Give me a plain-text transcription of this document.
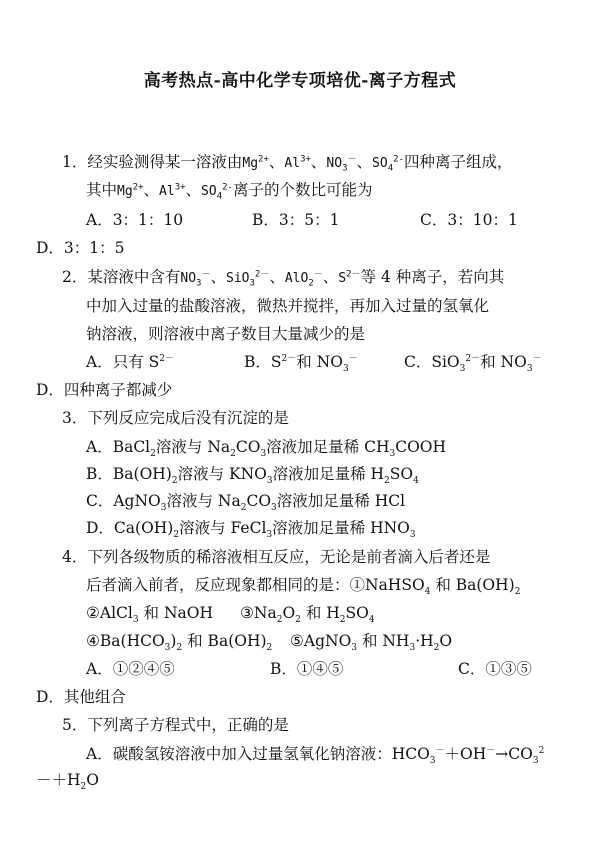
高考热点-高中化学专项培优-离子方程式
1．经实验测得某一溶液由$Mg^{2+}$、$Al^{3+}$、$NO_3^-$、$SO_4^{2-}$四种离子组成，
其中$Mg^{2+}$、$Al^{3+}$、$SO_4^{2-}$离子的个数比可能为
A．3：1：10	B．3：5：1	C．3：10：1
D．3：1：5
2．某溶液中含有$NO_3^-$、SiO$_3^{2-}$、AlO$_2$－、$S^{2-}$等 4 种离子，若向其
中加入过量的盐酸溶液，微热并搅拌，再加入过量的氢氧化
钠溶液，则溶液中离子数目大量减少的是
A．只有 $S^{2-}$	B．$S^{2-}$和 $NO_3^-$	C．SiO$_3^{2-}$和 $NO_3^-$
D．四种离子都减少
3．下列反应完成后没有沉淀的是
A．BaCl$_2$溶液与 $Na_2CO_3$溶液加足量稀 $CH_3COOH$
B．$Ba(OH)_2$溶液与 $KNO_3$溶液加足量稀 $H_2SO_4$
C．AgNO$_3$溶液与 $Na_2CO_3$溶液加足量稀 HCl
D．$Ca(OH)_2$溶液与 FeCl$_3$溶液加足量稀 $HNO_3$
4．下列各级物质的稀溶液相互反应，无论是前者滴入后者还是
后者滴入前者，反应现象都相同的是：①NaHSO$_4$ 和 $Ba(OH)_2$
②AlCl$_3$ 和 NaOH $③Na_2O_2$ 和 $H_2SO_4$
$④Ba(HCO_3)_2$ 和 $Ba(OH)_2$ ⑤AgNO$_3$ 和 $NH_3\cdot H_2O$
A．①②④⑤	B．①④⑤	C．①③⑤
D．其他组合
5．下列离子方程式中，正确的是
A．碳酸氢铵溶液中加入过量氢氧化钠溶液：$HCO_3^-+OH^-\to CO_3^2$
$-+H_2O$
